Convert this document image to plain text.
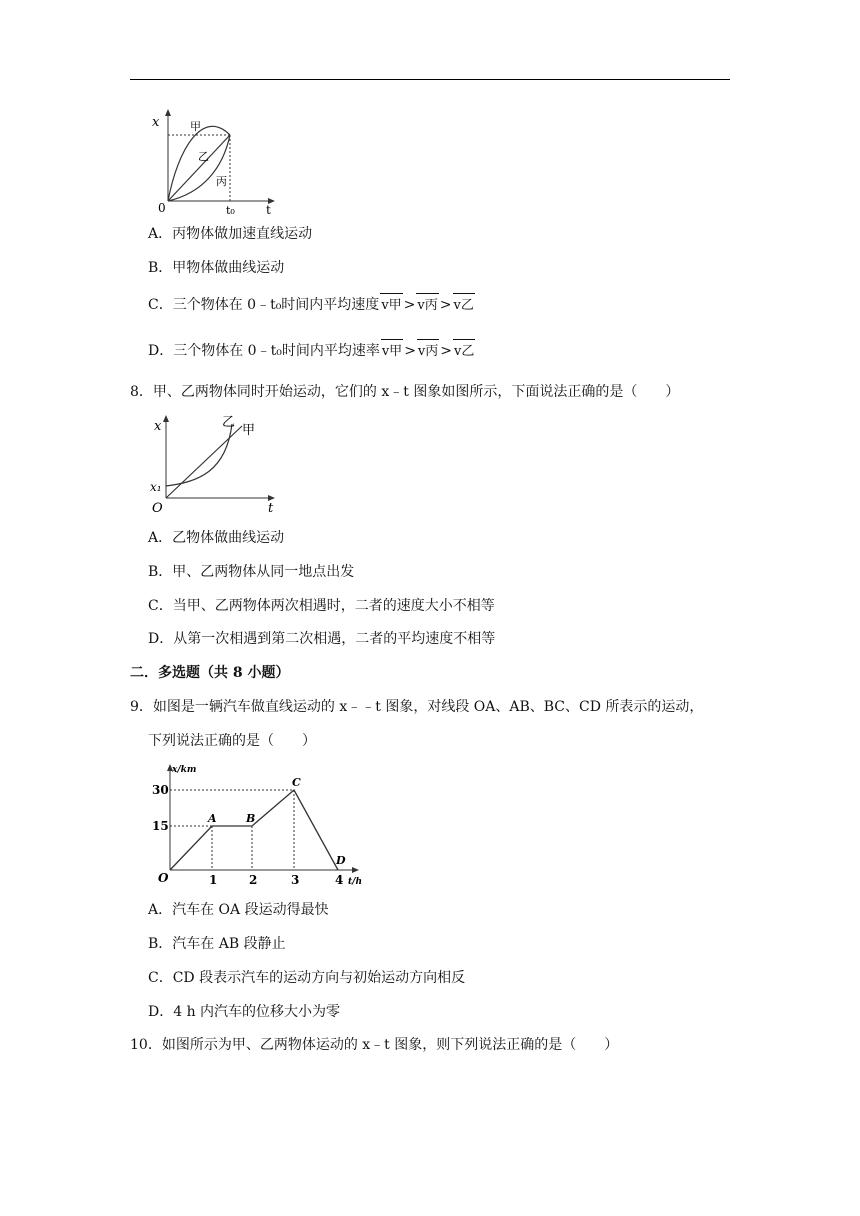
x	甲
乙
丙
0	t₀	t
A．丙物体做加速直线运动
B．甲物体做曲线运动
C．三个物体在 0﹣t₀时间内平均速度 v甲 > v丙 > v乙
D．三个物体在 0﹣t₀时间内平均速率 v甲 > v丙 > v乙
8．甲、乙两物体同时开始运动，它们的 x﹣t 图象如图所示，下面说法正确的是（　　）
x
x₁
O	t
乙
甲
A．乙物体做曲线运动
B．甲、乙两物体从同一地点出发
C．当甲、乙两物体两次相遇时，二者的速度大小不相等
D．从第一次相遇到第二次相遇，二者的平均速度不相等
二．多选题（共 8 小题）
9．如图是一辆汽车做直线运动的 x﹣﹣t 图象，对线段 OA、AB、BC、CD 所表示的运动，
下列说法正确的是（　　）
x/km
t/h
30
15
O	1	2	3	4
A	B
C
D
A．汽车在 OA 段运动得最快
B．汽车在 AB 段静止
C．CD 段表示汽车的运动方向与初始运动方向相反
D．4 h 内汽车的位移大小为零
10．如图所示为甲、乙两物体运动的 x﹣t 图象，则下列说法正确的是（　　）
